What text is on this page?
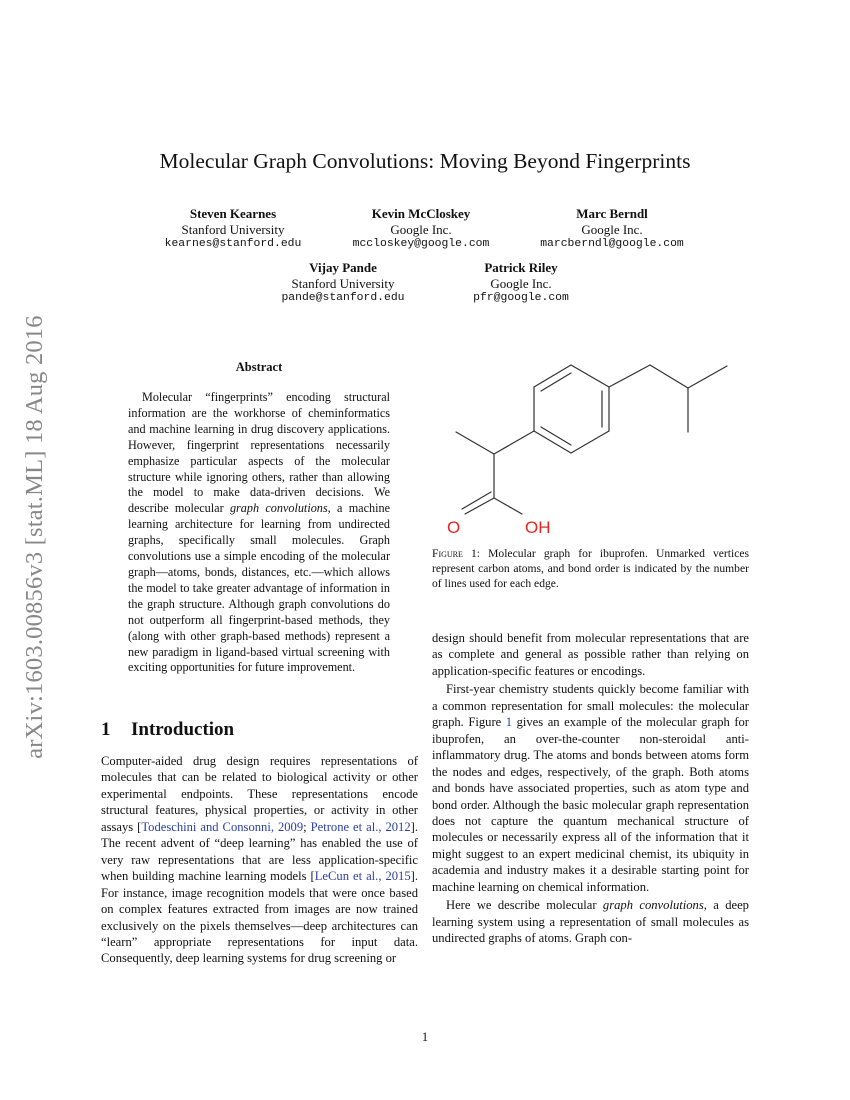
arXiv:1603.00856v3 [stat.ML] 18 Aug 2016
Molecular Graph Convolutions: Moving Beyond Fingerprints
Steven Kearnes
Stanford University
kearnes@stanford.edu
Kevin McCloskey
Google Inc.
mccloskey@google.com
Marc Berndl
Google Inc.
marcberndl@google.com
Vijay Pande
Stanford University
pande@stanford.edu
Patrick Riley
Google Inc.
pfr@google.com
Abstract

Molecular “fingerprints” encoding structural information are the workhorse of cheminformatics and machine learning in drug discovery applications. However, fingerprint representations necessarily emphasize particular aspects of the molecular structure while ignoring others, rather than allowing the model to make data-driven decisions. We describe molecular graph convolutions, a machine learning architecture for learning from undirected graphs, specifically small molecules. Graph convolutions use a simple encoding of the molecular graph—atoms, bonds, distances, etc.—which allows the model to take greater advantage of information in the graph structure. Although graph convolutions do not outperform all fingerprint-based methods, they (along with other graph-based methods) represent a new paradigm in ligand-based virtual screening with exciting opportunities for future improvement.

O	OH
Figure 1: Molecular graph for ibuprofen. Unmarked vertices represent carbon atoms, and bond order is indicated by the number of lines used for each edge.
1 Introduction

Computer-aided drug design requires representations of molecules that can be related to biological activity or other experimental endpoints. These representations encode structural features, physical properties, or activity in other assays [Todeschini and Consonni, 2009; Petrone et al., 2012]. The recent advent of “deep learning” has enabled the use of very raw representations that are less application-specific when building machine learning models [LeCun et al., 2015]. For instance, image recognition models that were once based on complex features extracted from images are now trained exclusively on the pixels themselves—deep architectures can “learn” appropriate representations for input data. Consequently, deep learning systems for drug screening or

design should benefit from molecular representations that are as complete and general as possible rather than relying on application-specific features or encodings.

First-year chemistry students quickly become familiar with a common representation for small molecules: the molecular graph. Figure 1 gives an example of the molecular graph for ibuprofen, an over-the-counter non-steroidal anti-inflammatory drug. The atoms and bonds between atoms form the nodes and edges, respectively, of the graph. Both atoms and bonds have associated properties, such as atom type and bond order. Although the basic molecular graph representation does not capture the quantum mechanical structure of molecules or necessarily express all of the information that it might suggest to an expert medicinal chemist, its ubiquity in academia and industry makes it a desirable starting point for machine learning on chemical information.

Here we describe molecular graph convolutions, a deep learning system using a representation of small molecules as undirected graphs of atoms. Graph con-

1
